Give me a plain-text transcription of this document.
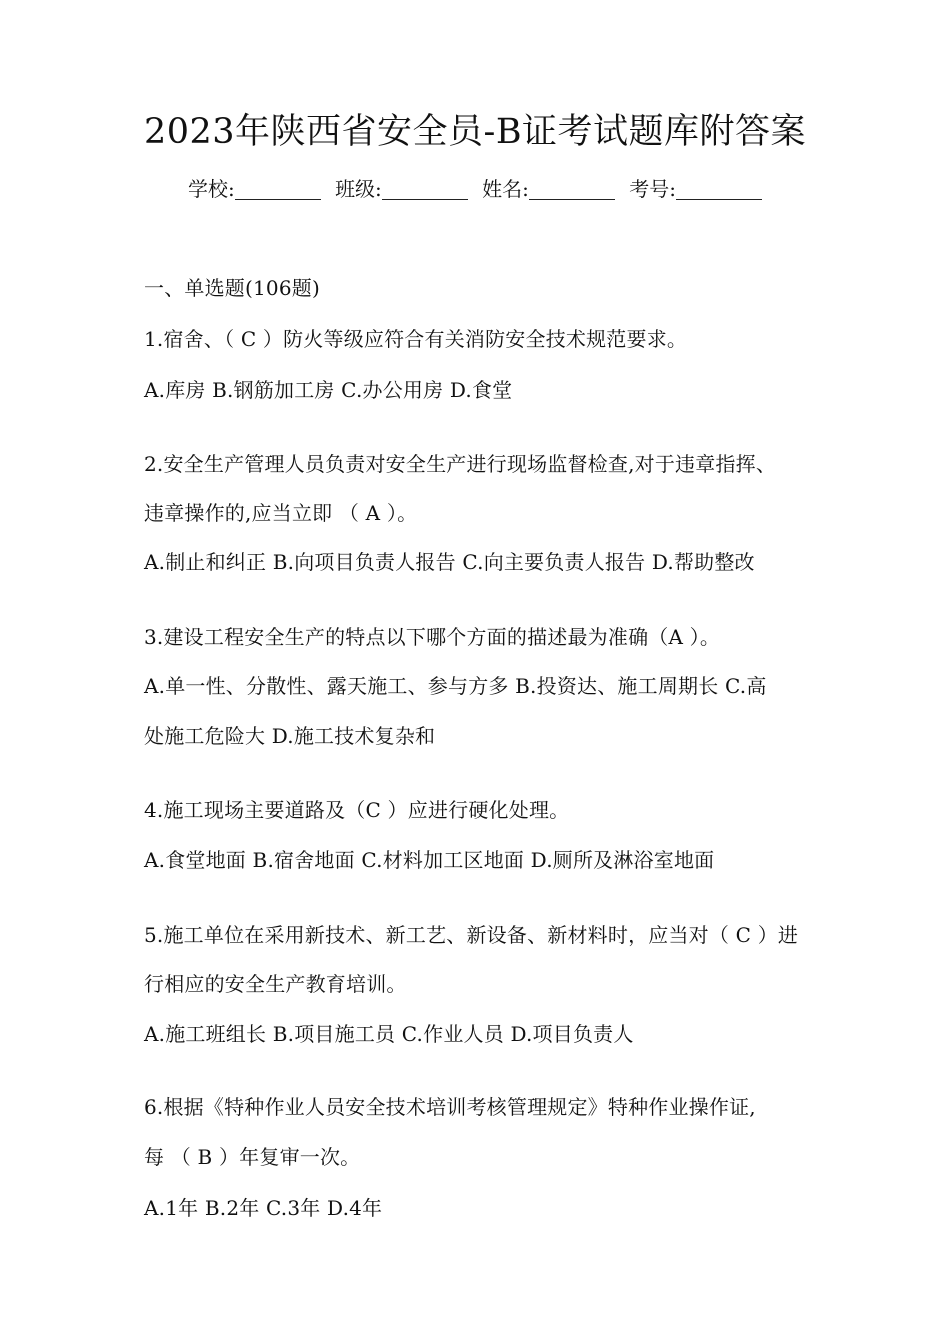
2023年陕西省安全员-B证考试题库附答案
学校:	班级:	姓名:	考号:
一、单选题(106题)
1.宿舍、（ C ）防火等级应符合有关消防安全技术规范要求。
A.库房 B.钢筋加工房 C.办公用房 D.食堂
2.安全生产管理人员负责对安全生产进行现场监督检查,对于违章指挥、
违章操作的,应当立即 （ A ）。
A.制止和纠正 B.向项目负责人报告 C.向主要负责人报告 D.帮助整改
3.建设工程安全生产的特点以下哪个方面的描述最为准确（A ）。
A.单一性、分散性、露天施工、参与方多 B.投资达、施工周期长 C.高
处施工危险大 D.施工技术复杂和
4.施工现场主要道路及（C ）应进行硬化处理。
A.食堂地面 B.宿舍地面 C.材料加工区地面 D.厕所及淋浴室地面
5.施工单位在采用新技术、新工艺、新设备、新材料时，应当对（ C ）进
行相应的安全生产教育培训。
A.施工班组长 B.项目施工员 C.作业人员 D.项目负责人
6.根据《特种作业人员安全技术培训考核管理规定》特种作业操作证,
每 （ B ）年复审一次。
A.1年 B.2年 C.3年 D.4年
